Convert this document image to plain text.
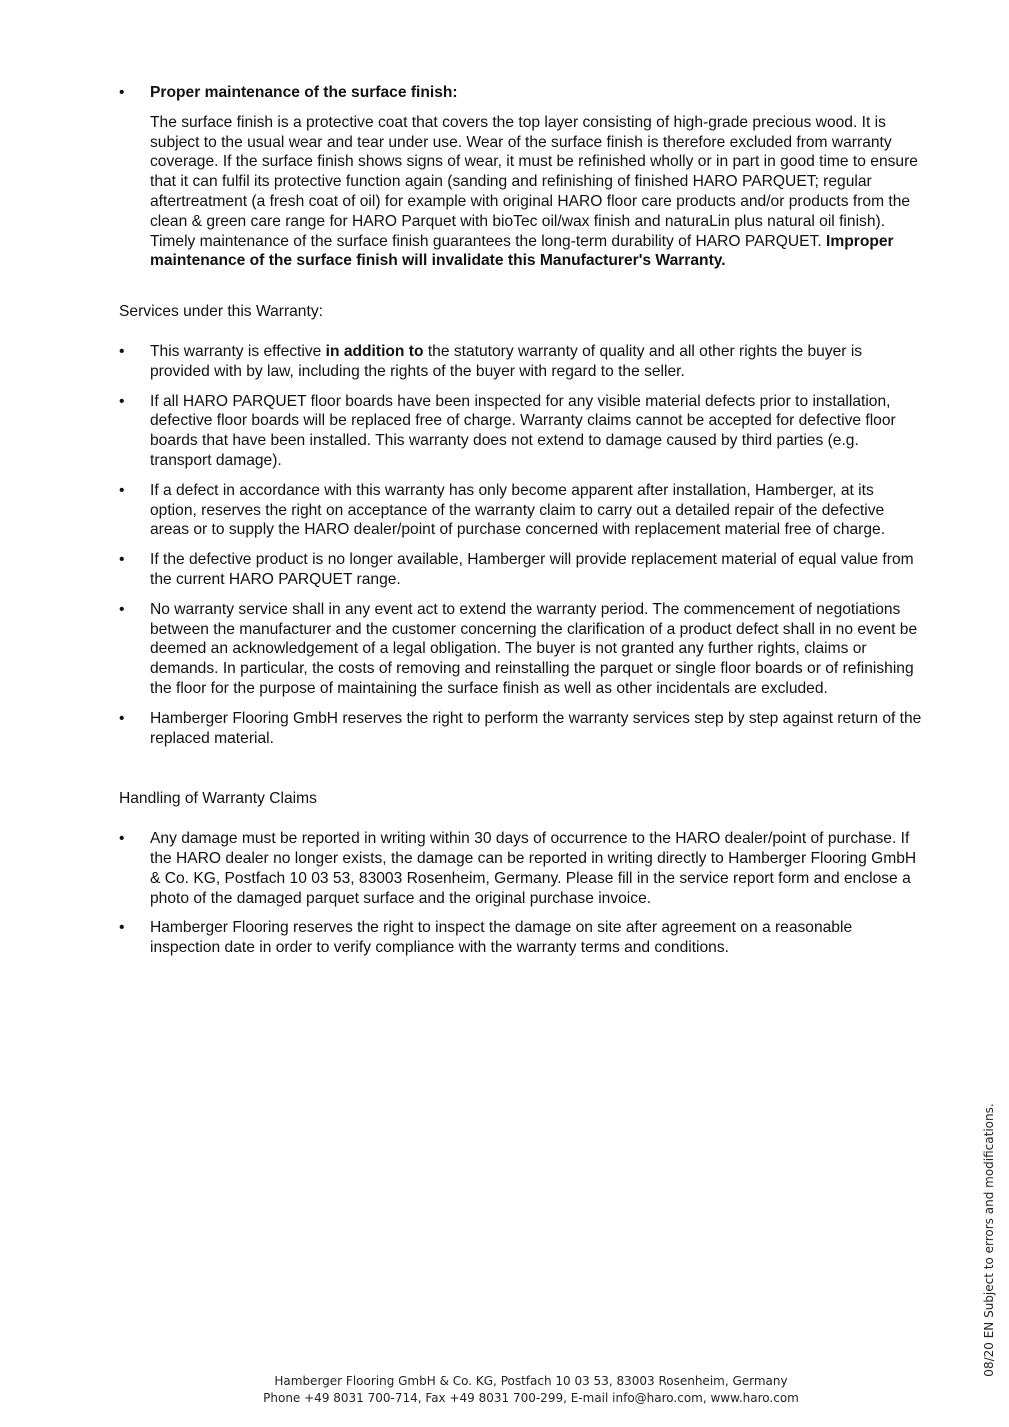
• Proper maintenance of the surface finish:

The surface finish is a protective coat that covers the top layer consisting of high-grade precious wood. It is subject to the usual wear and tear under use. Wear of the surface finish is therefore excluded from warranty coverage. If the surface finish shows signs of wear, it must be refinished wholly or in part in good time to ensure that it can fulfil its protective function again (sanding and refinishing of finished HARO PARQUET; regular aftertreatment (a fresh coat of oil) for example with original HARO floor care products and/or products from the clean & green care range for HARO Parquet with bioTec oil/wax finish and naturaLin plus natural oil finish). Timely maintenance of the surface finish guarantees the long-term durability of HARO PARQUET. Improper maintenance of the surface finish will invalidate this Manufacturer's Warranty.

Services under this Warranty:

• This warranty is effective in addition to the statutory warranty of quality and all other rights the buyer is provided with by law, including the rights of the buyer with regard to the seller.

• If all HARO PARQUET floor boards have been inspected for any visible material defects prior to installation, defective floor boards will be replaced free of charge. Warranty claims cannot be accepted for defective floor boards that have been installed. This warranty does not extend to damage caused by third parties (e.g. transport damage).

• If a defect in accordance with this warranty has only become apparent after installation, Hamberger, at its option, reserves the right on acceptance of the warranty claim to carry out a detailed repair of the defective areas or to supply the HARO dealer/point of purchase concerned with replacement material free of charge.

• If the defective product is no longer available, Hamberger will provide replacement material of equal value from the current HARO PARQUET range.

• No warranty service shall in any event act to extend the warranty period. The commencement of negotiations between the manufacturer and the customer concerning the clarification of a product defect shall in no event be deemed an acknowledgement of a legal obligation. The buyer is not granted any further rights, claims or demands. In particular, the costs of removing and reinstalling the parquet or single floor boards or of refinishing the floor for the purpose of maintaining the surface finish as well as other incidentals are excluded.

• Hamberger Flooring GmbH reserves the right to perform the warranty services step by step against return of the replaced material.

Handling of Warranty Claims

• Any damage must be reported in writing within 30 days of occurrence to the HARO dealer/point of purchase. If the HARO dealer no longer exists, the damage can be reported in writing directly to Hamberger Flooring GmbH & Co. KG, Postfach 10 03 53, 83003 Rosenheim, Germany. Please fill in the service report form and enclose a photo of the damaged parquet surface and the original purchase invoice.

• Hamberger Flooring reserves the right to inspect the damage on site after agreement on a reasonable inspection date in order to verify compliance with the warranty terms and conditions.

08/20 EN Subject to errors and modifications.
Hamberger Flooring GmbH & Co. KG, Postfach 10 03 53, 83003 Rosenheim, Germany
Phone +49 8031 700-714, Fax +49 8031 700-299, E-mail info@haro.com, www.haro.com
